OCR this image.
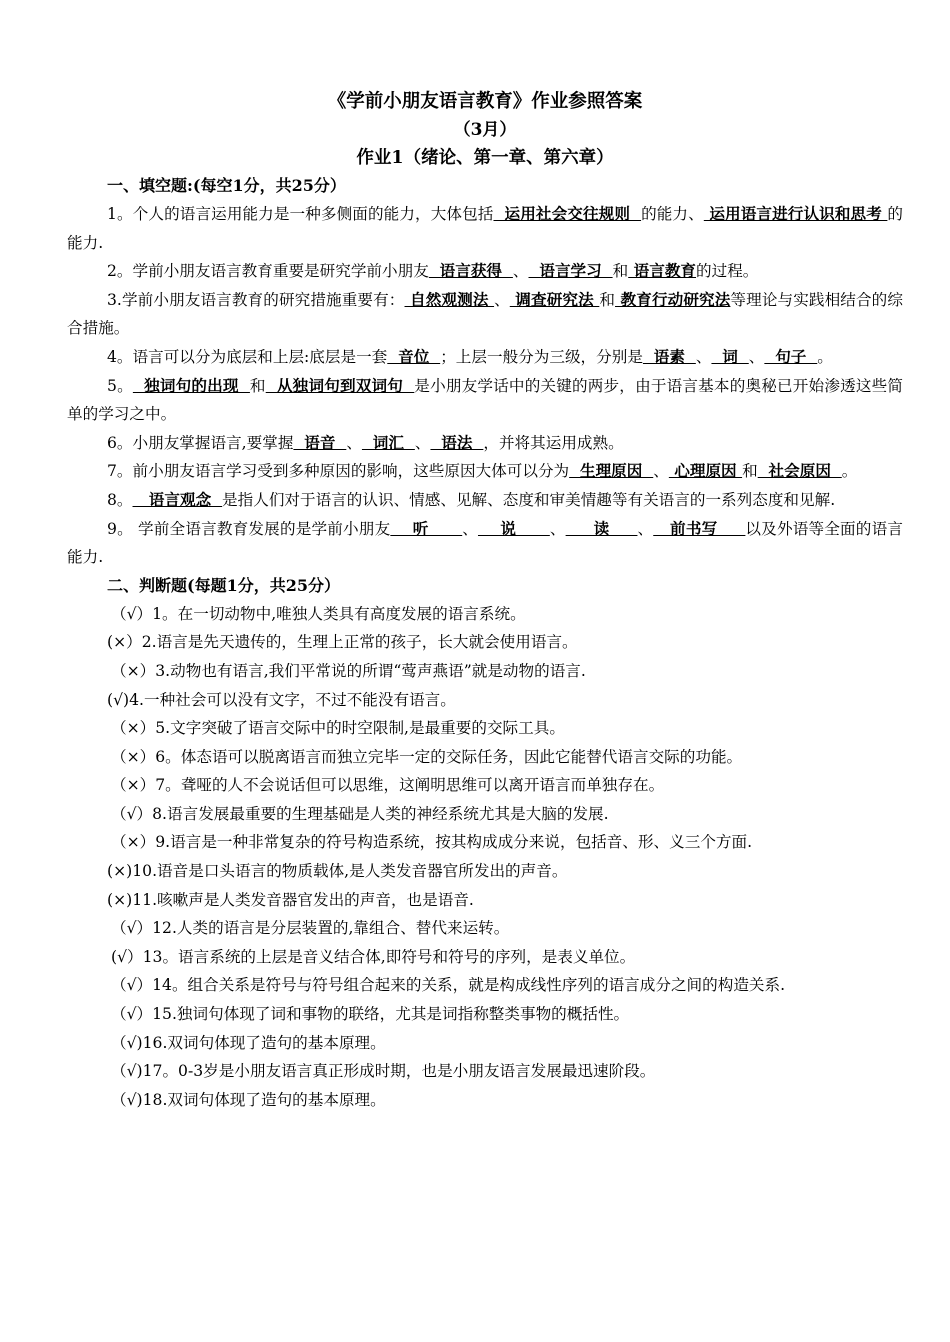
《学前小朋友语言教育》作业参照答案
（3月）
作业1（绪论、第一章、第六章）
一、填空题:(每空1分，共25分）

1。个人的语言运用能力是一种多侧面的能力，大体包括  运用社会交往规则  的能力、 运用语言进行认识和思考 的能力.

2。学前小朋友语言教育重要是研究学前小朋友  语言获得  、  语言学习  和 语言教育的过程。

3.学前小朋友语言教育的研究措施重要有： 自然观测法 、 调查研究法 和 教育行动研究法等理论与实践相结合的综合措施。

4。语言可以分为底层和上层:底层是一套  音位  ；上层一般分为三级，分别是  语素  、  词  、  句子  。

5。  独词句的出现  和  从独词句到双词句  是小朋友学话中的关键的两步，由于语言基本的奥秘已开始渗透这些简单的学习之中。

6。小朋友掌握语言,要掌握  语音  、  词汇  、  语法  ，并将其运用成熟。

7。前小朋友语言学习受到多种原因的影响，这些原因大体可以分为  生理原因  、 心理原因 和  社会原因  。

8。   语言观念  是指人们对于语言的认识、情感、见解、态度和审美情趣等有关语言的一系列态度和见解.

9。 学前全语言教育发展的是学前小朋友    听      、    说      、     读     、   前书写     以及外语等全面的语言能力.

二、判断题(每题1分，共25分）

（√）1。在一切动物中,唯独人类具有高度发展的语言系统。

(×）2.语言是先天遗传的，生理上正常的孩子，长大就会使用语言。

（×）3.动物也有语言,我们平常说的所谓“莺声燕语”就是动物的语言.

(√)4.一种社会可以没有文字，不过不能没有语言。

（×）5.文字突破了语言交际中的时空限制,是最重要的交际工具。

（×）6。体态语可以脱离语言而独立完毕一定的交际任务，因此它能替代语言交际的功能。

（×）7。聋哑的人不会说话但可以思维，这阐明思维可以离开语言而单独存在。

（√）8.语言发展最重要的生理基础是人类的神经系统尤其是大脑的发展.

（×）9.语言是一种非常复杂的符号构造系统，按其构成成分来说，包括音、形、义三个方面.

(×)10.语音是口头语言的物质载体,是人类发音器官所发出的声音。

(×)11.咳嗽声是人类发音器官发出的声音，也是语音.

（√）12.人类的语言是分层装置的,靠组合、替代来运转。

(√）13。语言系统的上层是音义结合体,即符号和符号的序列，是表义单位。

（√）14。组合关系是符号与符号组合起来的关系，就是构成线性序列的语言成分之间的构造关系.

（√）15.独词句体现了词和事物的联络，尤其是词指称整类事物的概括性。

（√)16.双词句体现了造句的基本原理。

（√)17。0-3岁是小朋友语言真正形成时期，也是小朋友语言发展最迅速阶段。

（√)18.双词句体现了造句的基本原理。
